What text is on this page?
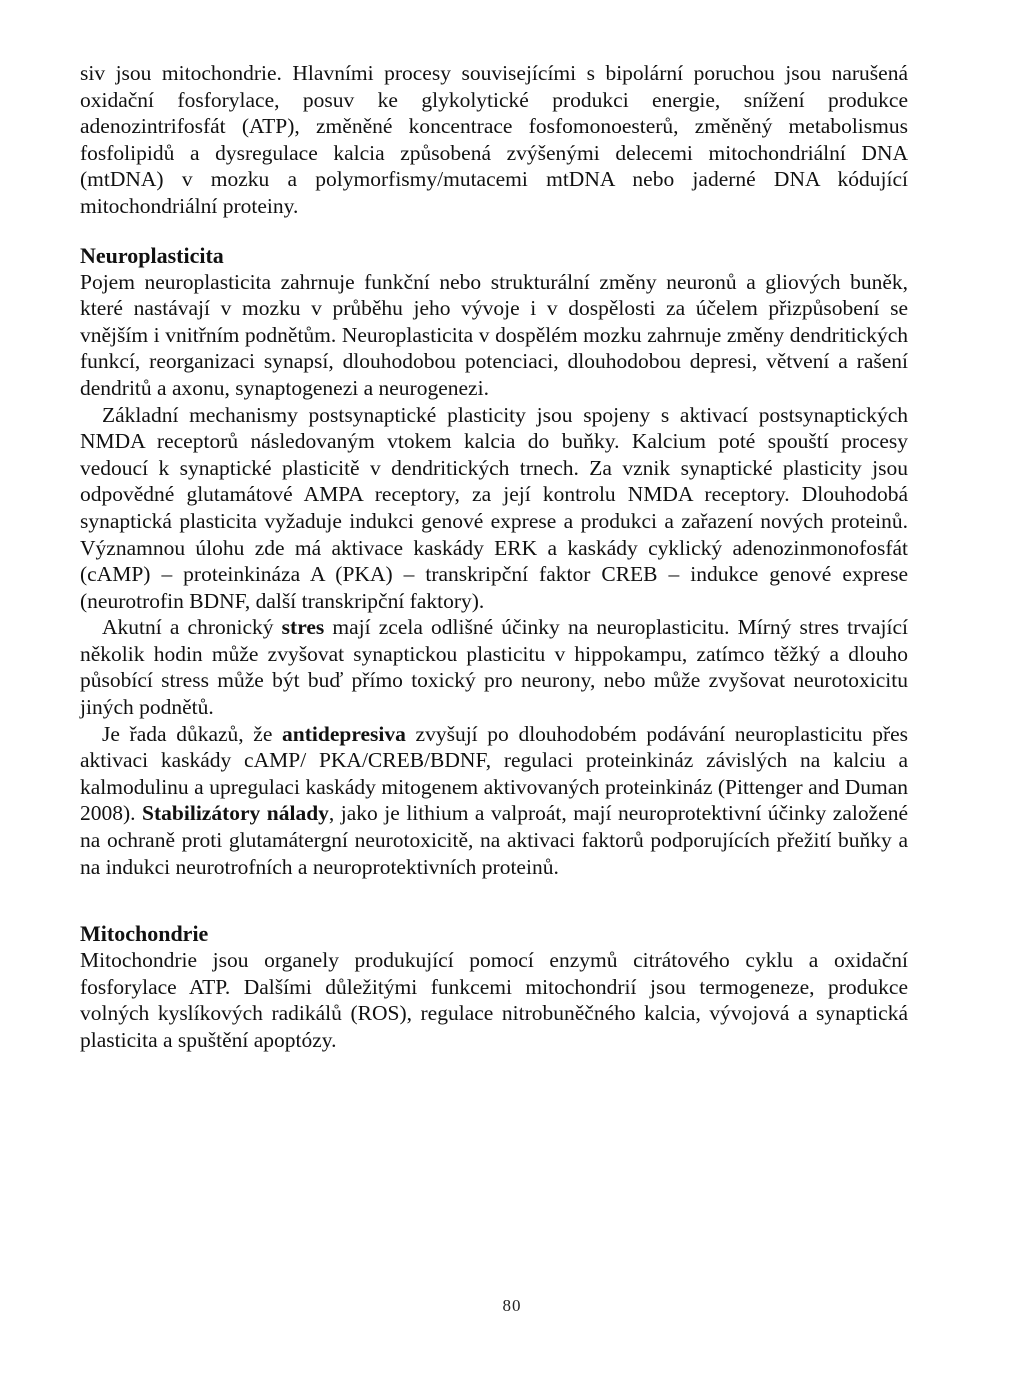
siv jsou mitochondrie. Hlavními procesy souvisejícími s bipolární poruchou jsou narušená oxidační fosforylace, posuv ke glykolytické produkci energie, snížení produkce adenozintrifosfát (ATP), změněné koncentrace fosfomonoesterů, změněný metabolismus fosfolipidů a dysregulace kalcia způsobená zvýšenými delecemi mitochondriální DNA (mtDNA) v mozku a polymorfismy/mutacemi mtDNA nebo jaderné DNA kódující mitochondriální proteiny.

Neuroplasticita

Pojem neuroplasticita zahrnuje funkční nebo strukturální změny neuronů a gliových buněk, které nastávají v mozku v průběhu jeho vývoje i v dospělosti za účelem přizpůsobení se vnějším i vnitřním podnětům. Neuroplasticita v dospělém mozku zahrnuje změny dendritických funkcí, reorganizaci synapsí, dlouhodobou potenciaci, dlouhodobou depresi, větvení a rašení dendritů a axonu, synaptogenezi a neurogenezi.

Základní mechanismy postsynaptické plasticity jsou spojeny s aktivací postsynaptických NMDA receptorů následovaným vtokem kalcia do buňky. Kalcium poté spouští procesy vedoucí k synaptické plasticitě v dendritických trnech. Za vznik synaptické plasticity jsou odpovědné glutamátové AMPA receptory, za její kontrolu NMDA receptory. Dlouhodobá synaptická plasticita vyžaduje indukci genové exprese a produkci a zařazení nových proteinů. Významnou úlohu zde má aktivace kaskády ERK a kaskády cyklický adenozinmonofosfát (cAMP) – proteinkináza A (PKA) – transkripční faktor CREB – indukce genové exprese (neurotrofin BDNF, další transkripční faktory).

Akutní a chronický stres mají zcela odlišné účinky na neuroplasticitu. Mírný stres trvající několik hodin může zvyšovat synaptickou plasticitu v hippokampu, zatímco těžký a dlouho působící stress může být buď přímo toxický pro neurony, nebo může zvyšovat neurotoxicitu jiných podnětů.

Je řada důkazů, že antidepresiva zvyšují po dlouhodobém podávání neuroplasticitu přes aktivaci kaskády cAMP/ PKA/CREB/BDNF, regulaci proteinkináz závislých na kalciu a kalmodulinu a upregulaci kaskády mitogenem aktivovaných proteinkináz (Pittenger and Duman 2008). Stabilizátory nálady, jako je lithium a valproát, mají neuroprotektivní účinky založené na ochraně proti glutamátergní neurotoxicitě, na aktivaci faktorů podporujících přežití buňky a na indukci neurotrofních a neuroprotektivních proteinů.

Mitochondrie

Mitochondrie jsou organely produkující pomocí enzymů citrátového cyklu a oxidační fosforylace ATP. Dalšími důležitými funkcemi mitochondrií jsou termogeneze, produkce volných kyslíkových radikálů (ROS), regulace nitrobuněčného kalcia, vývojová a synaptická plasticita a spuštění apoptózy.

80
